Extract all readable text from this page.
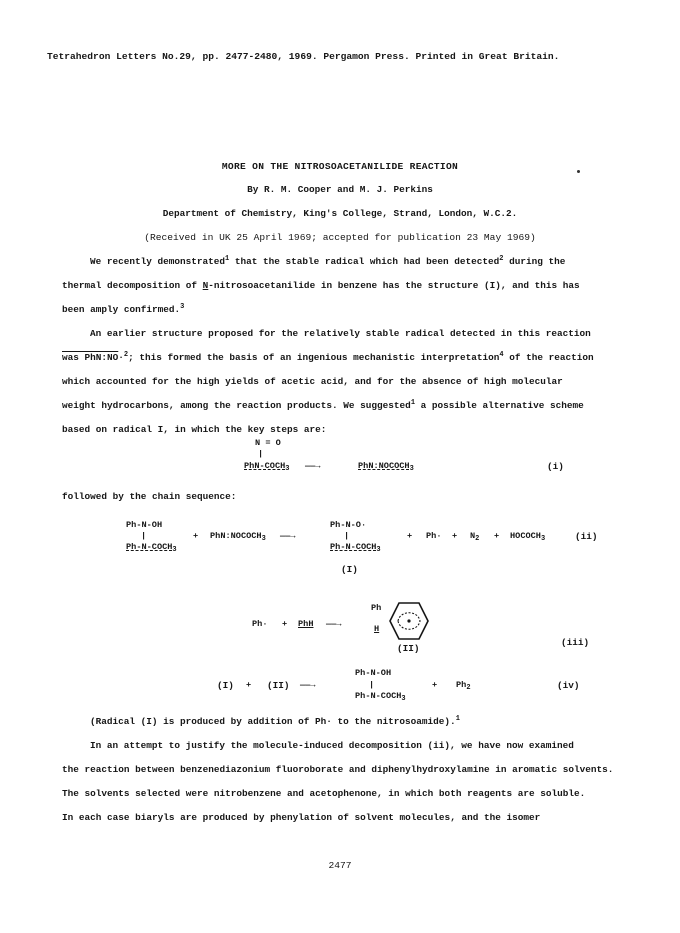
Tetrahedron Letters No.29, pp. 2477-2480, 1969. Pergamon Press. Printed in Great Britain.
MORE ON THE NITROSOACETANILIDE REACTION
By R. M. Cooper and M. J. Perkins
Department of Chemistry, King's College, Strand, London, W.C.2.
(Received in UK 25 April 1969; accepted for publication 23 May 1969)
We recently demonstrated$^1$ that the stable radical which had been detected$^2$ during the
thermal decomposition of N-nitrosoacetanilide in benzene has the structure (I), and this has
been amply confirmed.$^3$
An earlier structure proposed for the relatively stable radical detected in this reaction
was PhN:NO·$^2$; this formed the basis of an ingenious mechanistic interpretation$^4$ of the reaction
which accounted for the high yields of acetic acid, and for the absence of high molecular
weight hydrocarbons, among the reaction products. We suggested$^1$ a possible alternative scheme
based on radical I, in which the key steps are:
N = O
|
PhN-$COCH_3$ ——→	$PhN:NOCOCH_3$	(i)
followed by the chain sequence:
Ph-N-OH
|
$Ph-N-COCH_3$
+ $PhN:NOCOCH_3$ ——→
Ph-N-O·
|
$Ph-N-COCH_3$
+ $Ph\cdot + N_2$ + $HOCOCH_3$	(ii)
(I)
Ph· + PhH ——→
Ph
H
(II)
(iii)
(I) + (II) ——→
Ph-N-OH
|
$Ph-N-COCH_3$
+ $Ph_2$	(iv)
(Radical (I) is produced by addition of Ph· to the nitrosoamide).$^1$
In an attempt to justify the molecule-induced decomposition (ii), we have now examined
the reaction between benzenediazonium fluoroborate and diphenylhydroxylamine in aromatic solvents.
The solvents selected were nitrobenzene and acetophenone, in which both reagents are soluble.
In each case biaryls are produced by phenylation of solvent molecules, and the isomer
2477
